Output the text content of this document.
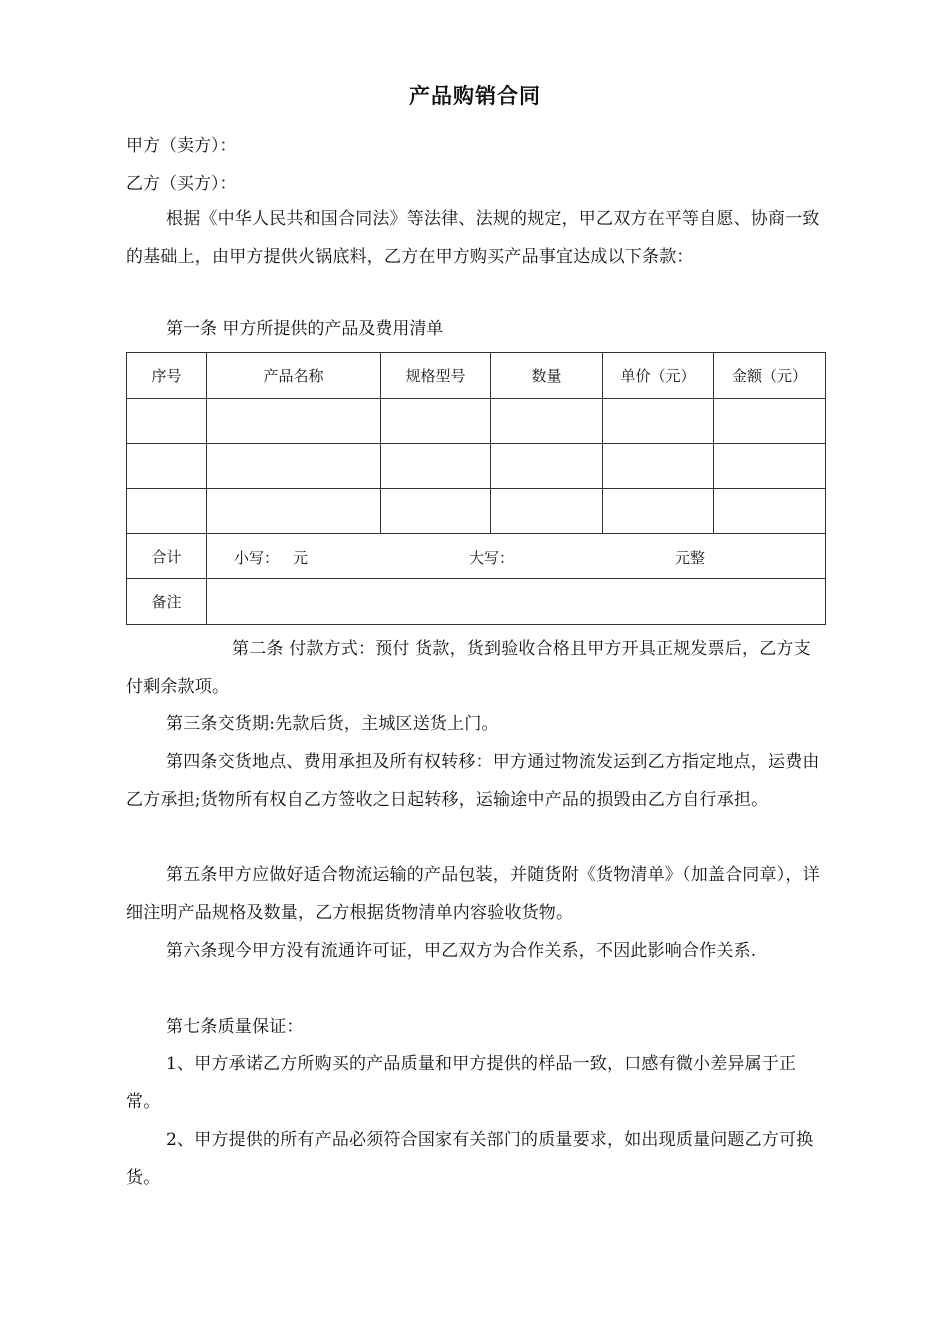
产品购销合同
甲方（卖方）：
乙方（买方）：
根据《中华人民共和国合同法》等法律、法规的规定，甲乙双方在平等自愿、协商一致的基础上，由甲方提供火锅底料，乙方在甲方购买产品事宜达成以下条款：
第一条 甲方所提供的产品及费用清单
序号	产品名称	规格型号	数量	单价（元）	金额（元）

合计	小写： 元 大写： 元整				

备注					
第二条 付款方式：预付 货款，货到验收合格且甲方开具正规发票后，乙方支付剩余款项。
第三条交货期:先款后货，主城区送货上门。
第四条交货地点、费用承担及所有权转移：甲方通过物流发运到乙方指定地点，运费由乙方承担;货物所有权自乙方签收之日起转移，运输途中产品的损毁由乙方自行承担。
第五条甲方应做好适合物流运输的产品包装，并随货附《货物清单》（加盖合同章），详细注明产品规格及数量，乙方根据货物清单内容验收货物。
第六条现今甲方没有流通许可证，甲乙双方为合作关系，不因此影响合作关系.
第七条质量保证：
1、甲方承诺乙方所购买的产品质量和甲方提供的样品一致，口感有微小差异属于正常。
2、甲方提供的所有产品必须符合国家有关部门的质量要求，如出现质量问题乙方可换货。
